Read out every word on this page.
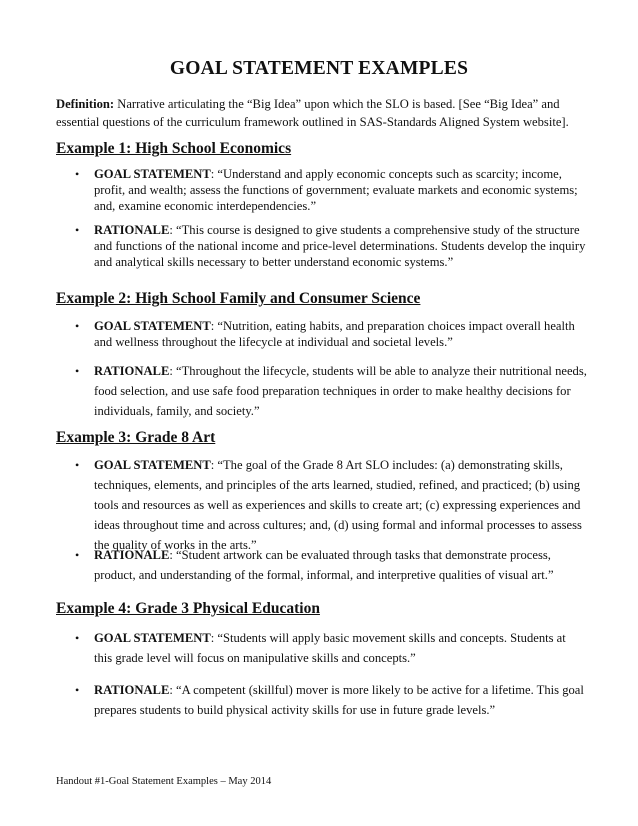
GOAL STATEMENT EXAMPLES
Definition: Narrative articulating the “Big Idea” upon which the SLO is based. [See “Big Idea” and essential questions of the curriculum framework outlined in SAS-Standards Aligned System website].
Example 1: High School Economics
•	GOAL STATEMENT: “Understand and apply economic concepts such as scarcity; income, profit, and wealth; assess the functions of government; evaluate markets and economic systems; and, examine economic interdependencies.”
•	RATIONALE: “This course is designed to give students a comprehensive study of the structure and functions of the national income and price-level determinations. Students develop the inquiry and analytical skills necessary to better understand economic systems.”
Example 2: High School Family and Consumer Science
•	GOAL STATEMENT: “Nutrition, eating habits, and preparation choices impact overall health and wellness throughout the lifecycle at individual and societal levels.”
•	RATIONALE: “Throughout the lifecycle, students will be able to analyze their nutritional needs, food selection, and use safe food preparation techniques in order to make healthy decisions for individuals, family, and society.”
Example 3: Grade 8 Art
•	GOAL STATEMENT: “The goal of the Grade 8 Art SLO includes: (a) demonstrating skills, techniques, elements, and principles of the arts learned, studied, refined, and practiced; (b) using tools and resources as well as experiences and skills to create art; (c) expressing experiences and ideas throughout time and across cultures; and, (d) using formal and informal processes to assess the quality of works in the arts.”
•	RATIONALE: “Student artwork can be evaluated through tasks that demonstrate process, product, and understanding of the formal, informal, and interpretive qualities of visual art.”
Example 4: Grade 3 Physical Education
•	GOAL STATEMENT: “Students will apply basic movement skills and concepts. Students at this grade level will focus on manipulative skills and concepts.”
•	RATIONALE: “A competent (skillful) mover is more likely to be active for a lifetime. This goal prepares students to build physical activity skills for use in future grade levels.”
Handout #1-Goal Statement Examples – May 2014
